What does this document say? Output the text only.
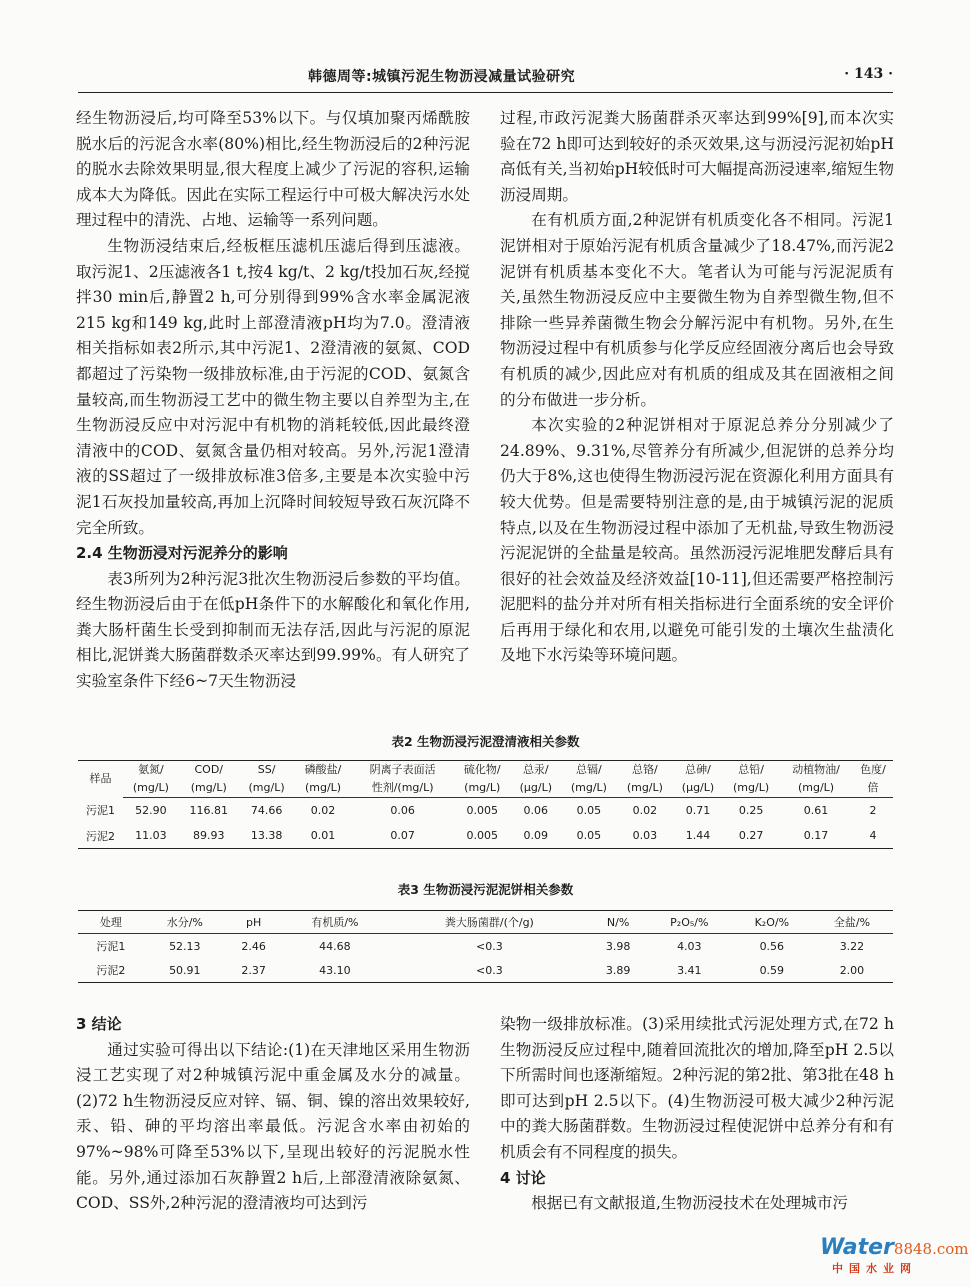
韩德周等:城镇污泥生物沥浸减量试验研究	· 143 ·

经生物沥浸后,均可降至53%以下。与仅填加聚丙烯酰胺脱水后的污泥含水率(80%)相比,经生物沥浸后的2种污泥的脱水去除效果明显,很大程度上减少了污泥的容积,运输成本大为降低。因此在实际工程运行中可极大解决污水处理过程中的清洗、占地、运输等一系列问题。

生物沥浸结束后,经板框压滤机压滤后得到压滤液。取污泥1、2压滤液各1 t,按4 kg/t、2 kg/t投加石灰,经搅拌30 min后,静置2 h,可分别得到99%含水率金属泥液215 kg和149 kg,此时上部澄清液pH均为7.0。澄清液相关指标如表2所示,其中污泥1、2澄清液的氨氮、COD都超过了污染物一级排放标准,由于污泥的COD、氨氮含量较高,而生物沥浸工艺中的微生物主要以自养型为主,在生物沥浸反应中对污泥中有机物的消耗较低,因此最终澄清液中的COD、氨氮含量仍相对较高。另外,污泥1澄清液的SS超过了一级排放标准3倍多,主要是本次实验中污泥1石灰投加量较高,再加上沉降时间较短导致石灰沉降不完全所致。

2.4 生物沥浸对污泥养分的影响

表3所列为2种污泥3批次生物沥浸后参数的平均值。经生物沥浸后由于在低pH条件下的水解酸化和氧化作用,粪大肠杆菌生长受到抑制而无法存活,因此与污泥的原泥相比,泥饼粪大肠菌群数杀灭率达到99.99%。有人研究了实验室条件下经6~7天生物沥浸

过程,市政污泥粪大肠菌群杀灭率达到99%[9],而本次实验在72 h即可达到较好的杀灭效果,这与沥浸污泥初始pH高低有关,当初始pH较低时可大幅提高沥浸速率,缩短生物沥浸周期。

在有机质方面,2种泥饼有机质变化各不相同。污泥1泥饼相对于原始污泥有机质含量减少了18.47%,而污泥2泥饼有机质基本变化不大。笔者认为可能与污泥泥质有关,虽然生物沥浸反应中主要微生物为自养型微生物,但不排除一些异养菌微生物会分解污泥中有机物。另外,在生物沥浸过程中有机质参与化学反应经固液分离后也会导致有机质的减少,因此应对有机质的组成及其在固液相之间的分布做进一步分析。

本次实验的2种泥饼相对于原泥总养分分别减少了24.89%、9.31%,尽管养分有所减少,但泥饼的总养分均仍大于8%,这也使得生物沥浸污泥在资源化利用方面具有较大优势。但是需要特别注意的是,由于城镇污泥的泥质特点,以及在生物沥浸过程中添加了无机盐,导致生物沥浸污泥泥饼的全盐量是较高。虽然沥浸污泥堆肥发酵后具有很好的社会效益及经济效益[10-11],但还需要严格控制污泥肥料的盐分并对所有相关指标进行全面系统的安全评价后再用于绿化和农用,以避免可能引发的土壤次生盐渍化及地下水污染等环境问题。

表2 生物沥浸污泥澄清液相关参数
样品	氨氮/	COD/	SS/	磷酸盐/	阴离子表面活	硫化物/	总汞/	总镉/	总铬/	总砷/	总铅/	动植物油/	色度/
	(mg/L)	(mg/L)	(mg/L)	(mg/L)	性剂/(mg/L)	(mg/L)	(μg/L)	(mg/L)	(mg/L)	(μg/L)	(mg/L)	(mg/L)	倍
污泥1	52.90	116.81	74.66	0.02	0.06	0.005	0.06	0.05	0.02	0.71	0.25	0.61	2
污泥2	11.03	89.93	13.38	0.01	0.07	0.005	0.09	0.05	0.03	1.44	0.27	0.17	4
表3 生物沥浸污泥泥饼相关参数
处理	水分/%	pH	有机质/%	粪大肠菌群/(个/g)	N/%	P₂O₅/%	K₂O/%	全盐/%
污泥1	52.13	2.46	44.68	<0.3	3.98	4.03	0.56	3.22
污泥2	50.91	2.37	43.10	<0.3	3.89	3.41	0.59	2.00
3 结论

通过实验可得出以下结论:(1)在天津地区采用生物沥浸工艺实现了对2种城镇污泥中重金属及水分的减量。(2)72 h生物沥浸反应对锌、镉、铜、镍的溶出效果较好,汞、铅、砷的平均溶出率最低。污泥含水率由初始的97%~98%可降至53%以下,呈现出较好的污泥脱水性能。另外,通过添加石灰静置2 h后,上部澄清液除氨氮、COD、SS外,2种污泥的澄清液均可达到污

染物一级排放标准。(3)采用续批式污泥处理方式,在72 h生物沥浸反应过程中,随着回流批次的增加,降至pH 2.5以下所需时间也逐渐缩短。2种污泥的第2批、第3批在48 h即可达到pH 2.5以下。(4)生物沥浸可极大减少2种污泥中的粪大肠菌群数。生物沥浸过程使泥饼中总养分有和有机质会有不同程度的损失。

4 讨论

根据已有文献报道,生物沥浸技术在处理城市污

Water8848.com
中国水业网
